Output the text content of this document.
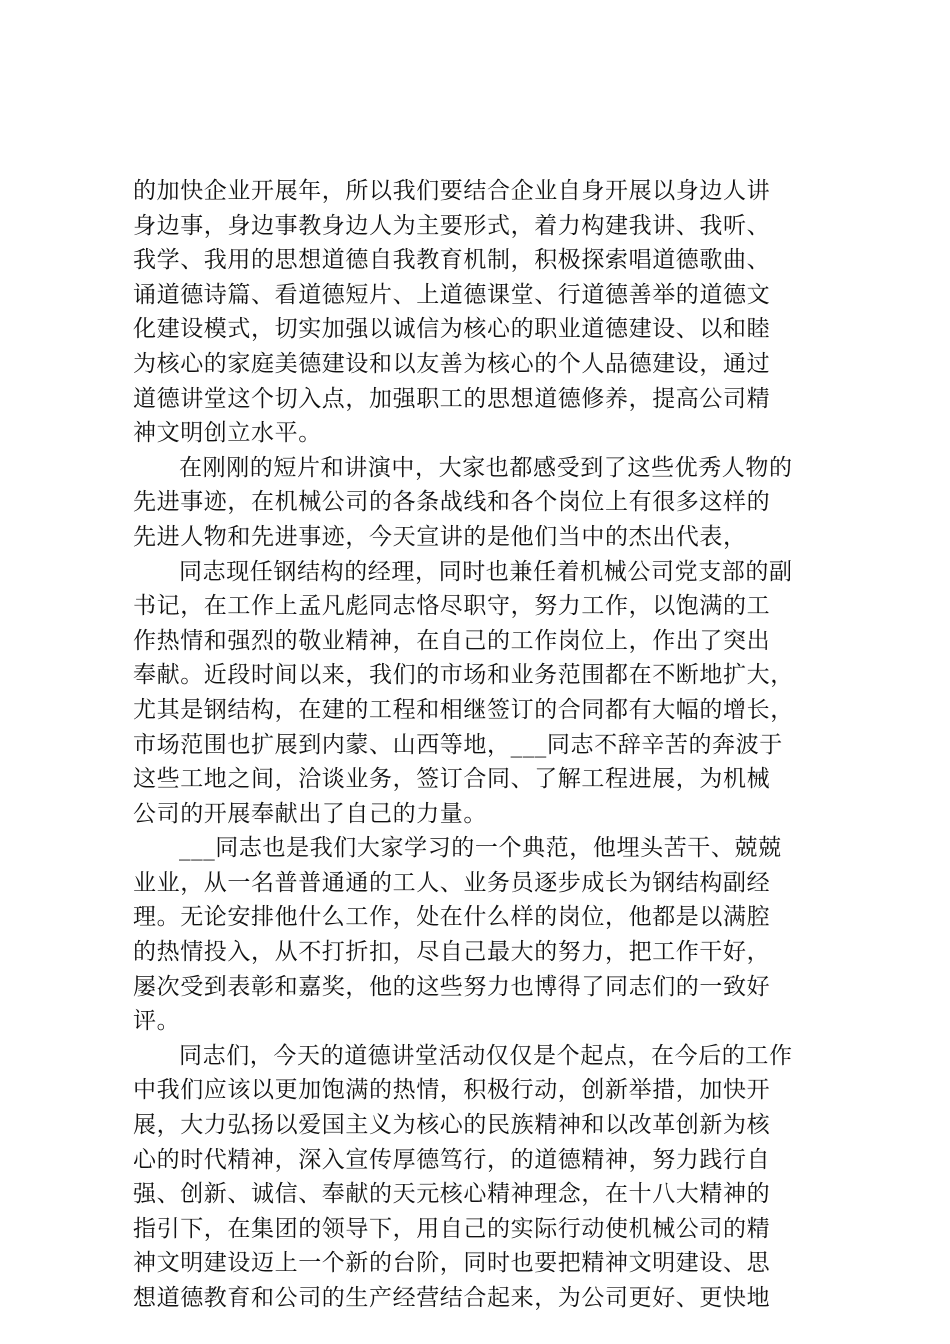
的加快企业开展年，所以我们要结合企业自身开展以身边人讲
身边事，身边事教身边人为主要形式，着力构建我讲、我听、
我学、我用的思想道德自我教育机制，积极探索唱道德歌曲、
诵道德诗篇、看道德短片、上道德课堂、行道德善举的道德文
化建设模式，切实加强以诚信为核心的职业道德建设、以和睦
为核心的家庭美德建设和以友善为核心的个人品德建设，通过
道德讲堂这个切入点，加强职工的思想道德修养，提高公司精
神文明创立水平。

在刚刚的短片和讲演中，大家也都感受到了这些优秀人物的
先进事迹，在机械公司的各条战线和各个岗位上有很多这样的
先进人物和先进事迹，今天宣讲的是他们当中的杰出代表，

同志现任钢结构的经理，同时也兼任着机械公司党支部的副
书记，在工作上孟凡彪同志恪尽职守，努力工作，以饱满的工
作热情和强烈的敬业精神，在自己的工作岗位上，作出了突出
奉献。近段时间以来，我们的市场和业务范围都在不断地扩大，
尤其是钢结构，在建的工程和相继签订的合同都有大幅的增长，
市场范围也扩展到内蒙、山西等地，___同志不辞辛苦的奔波于
这些工地之间，洽谈业务，签订合同、了解工程进展，为机械
公司的开展奉献出了自己的力量。

___同志也是我们大家学习的一个典范，他埋头苦干、兢兢
业业，从一名普普通通的工人、业务员逐步成长为钢结构副经
理。无论安排他什么工作，处在什么样的岗位，他都是以满腔
的热情投入，从不打折扣，尽自己最大的努力，把工作干好，
屡次受到表彰和嘉奖，他的这些努力也博得了同志们的一致好
评。

同志们，今天的道德讲堂活动仅仅是个起点，在今后的工作
中我们应该以更加饱满的热情，积极行动，创新举措，加快开
展，大力弘扬以爱国主义为核心的民族精神和以改革创新为核
心的时代精神，深入宣传厚德笃行，的道德精神，努力践行自
强、创新、诚信、奉献的天元核心精神理念，在十八大精神的
指引下，在集团的领导下，用自己的实际行动使机械公司的精
神文明建设迈上一个新的台阶，同时也要把精神文明建设、思
想道德教育和公司的生产经营结合起来，为公司更好、更快地
